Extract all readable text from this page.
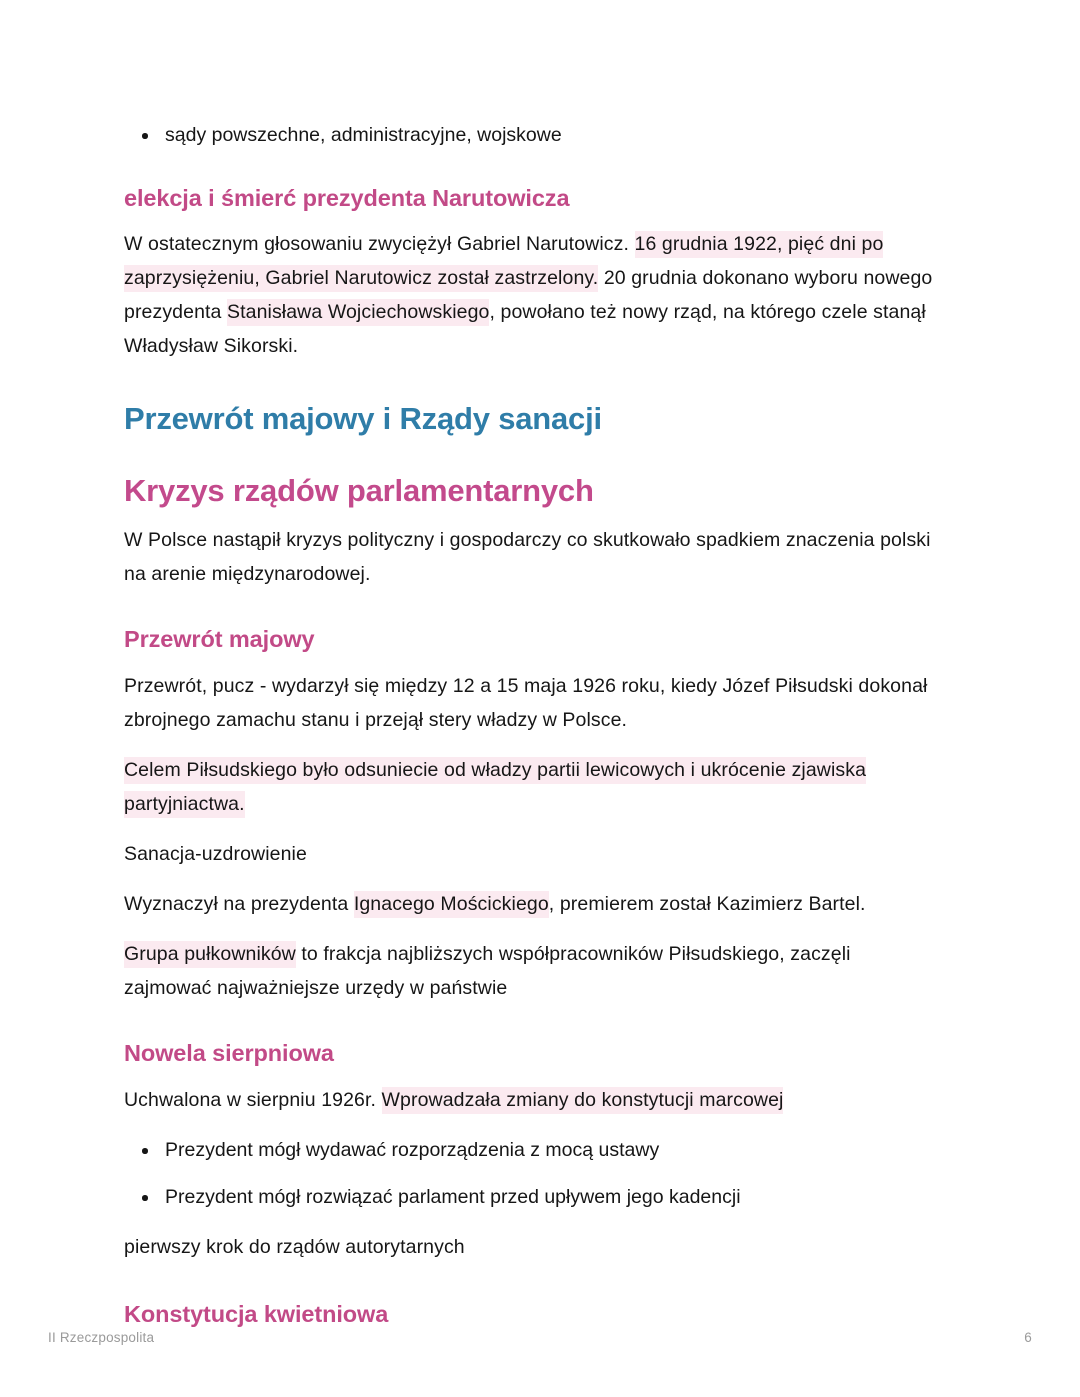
sądy powszechne, administracyjne, wojskowe
elekcja i śmierć prezydenta Narutowicza

W ostatecznym głosowaniu zwyciężył Gabriel Narutowicz. 16 grudnia 1922, pięć dni po zaprzysiężeniu, Gabriel Narutowicz został zastrzelony. 20 grudnia dokonano wyboru nowego prezydenta Stanisława Wojciechowskiego, powołano też nowy rząd, na którego czele stanął Władysław Sikorski.

Przewrót majowy i Rządy sanacji
Kryzys rządów parlamentarnych

W Polsce nastąpił kryzys polityczny i gospodarczy co skutkowało spadkiem znaczenia polski na arenie międzynarodowej.

Przewrót majowy

Przewrót, pucz - wydarzył się między 12 a 15 maja 1926 roku, kiedy Józef Piłsudski dokonał zbrojnego zamachu stanu i przejął stery władzy w Polsce.

Celem Piłsudskiego było odsuniecie od władzy partii lewicowych i ukrócenie zjawiska partyjniactwa.

Sanacja-uzdrowienie

Wyznaczył na prezydenta Ignacego Mościckiego, premierem został Kazimierz Bartel.

Grupa pułkowników to frakcja najbliższych współpracowników Piłsudskiego, zaczęli zajmować najważniejsze urzędy w państwie

Nowela sierpniowa

Uchwalona w sierpniu 1926r. Wprowadzała zmiany do konstytucji marcowej

Prezydent mógł wydawać rozporządzenia z mocą ustawy
Prezydent mógł rozwiązać parlament przed upływem jego kadencji

pierwszy krok do rządów autorytarnych

Konstytucja kwietniowa
II Rzeczpospolita	6
